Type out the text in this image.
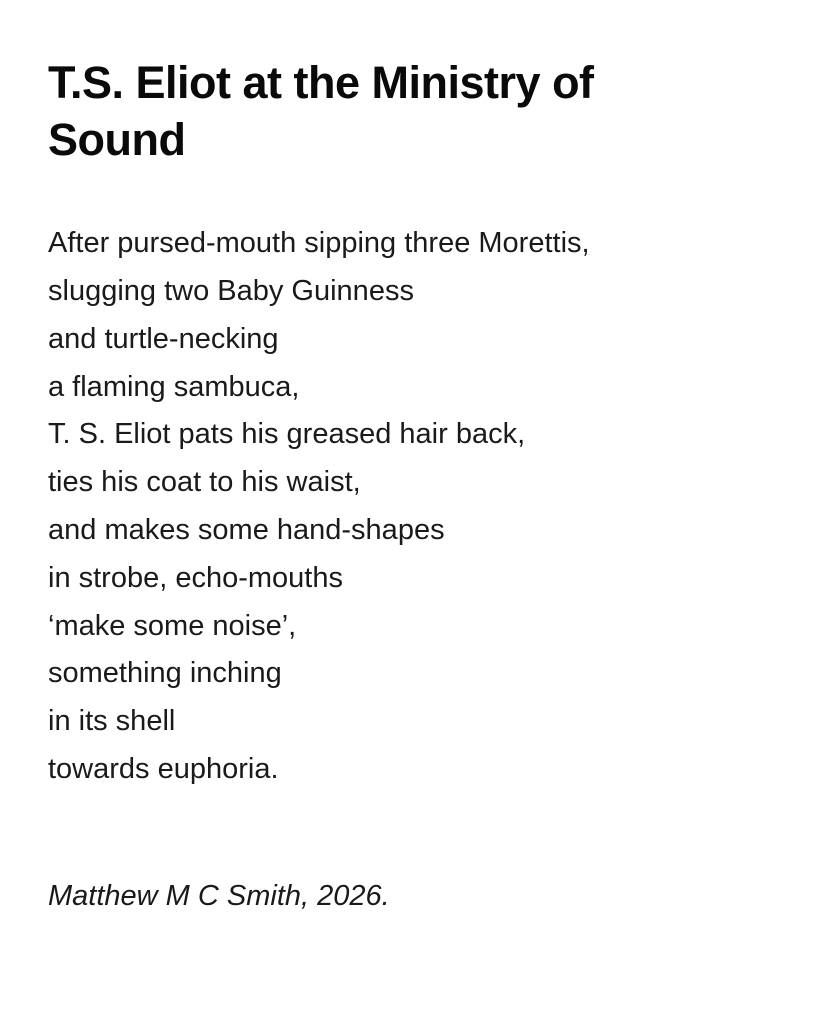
T.S. Eliot at the Ministry of Sound
After pursed-mouth sipping three Morettis,
slugging two Baby Guinness
and turtle-necking
a flaming sambuca,
T. S. Eliot pats his greased hair back,
ties his coat to his waist,
and makes some hand-shapes
in strobe, echo-mouths
‘make some noise’,
something inching
in its shell
towards euphoria.
Matthew M C Smith, 2026.
